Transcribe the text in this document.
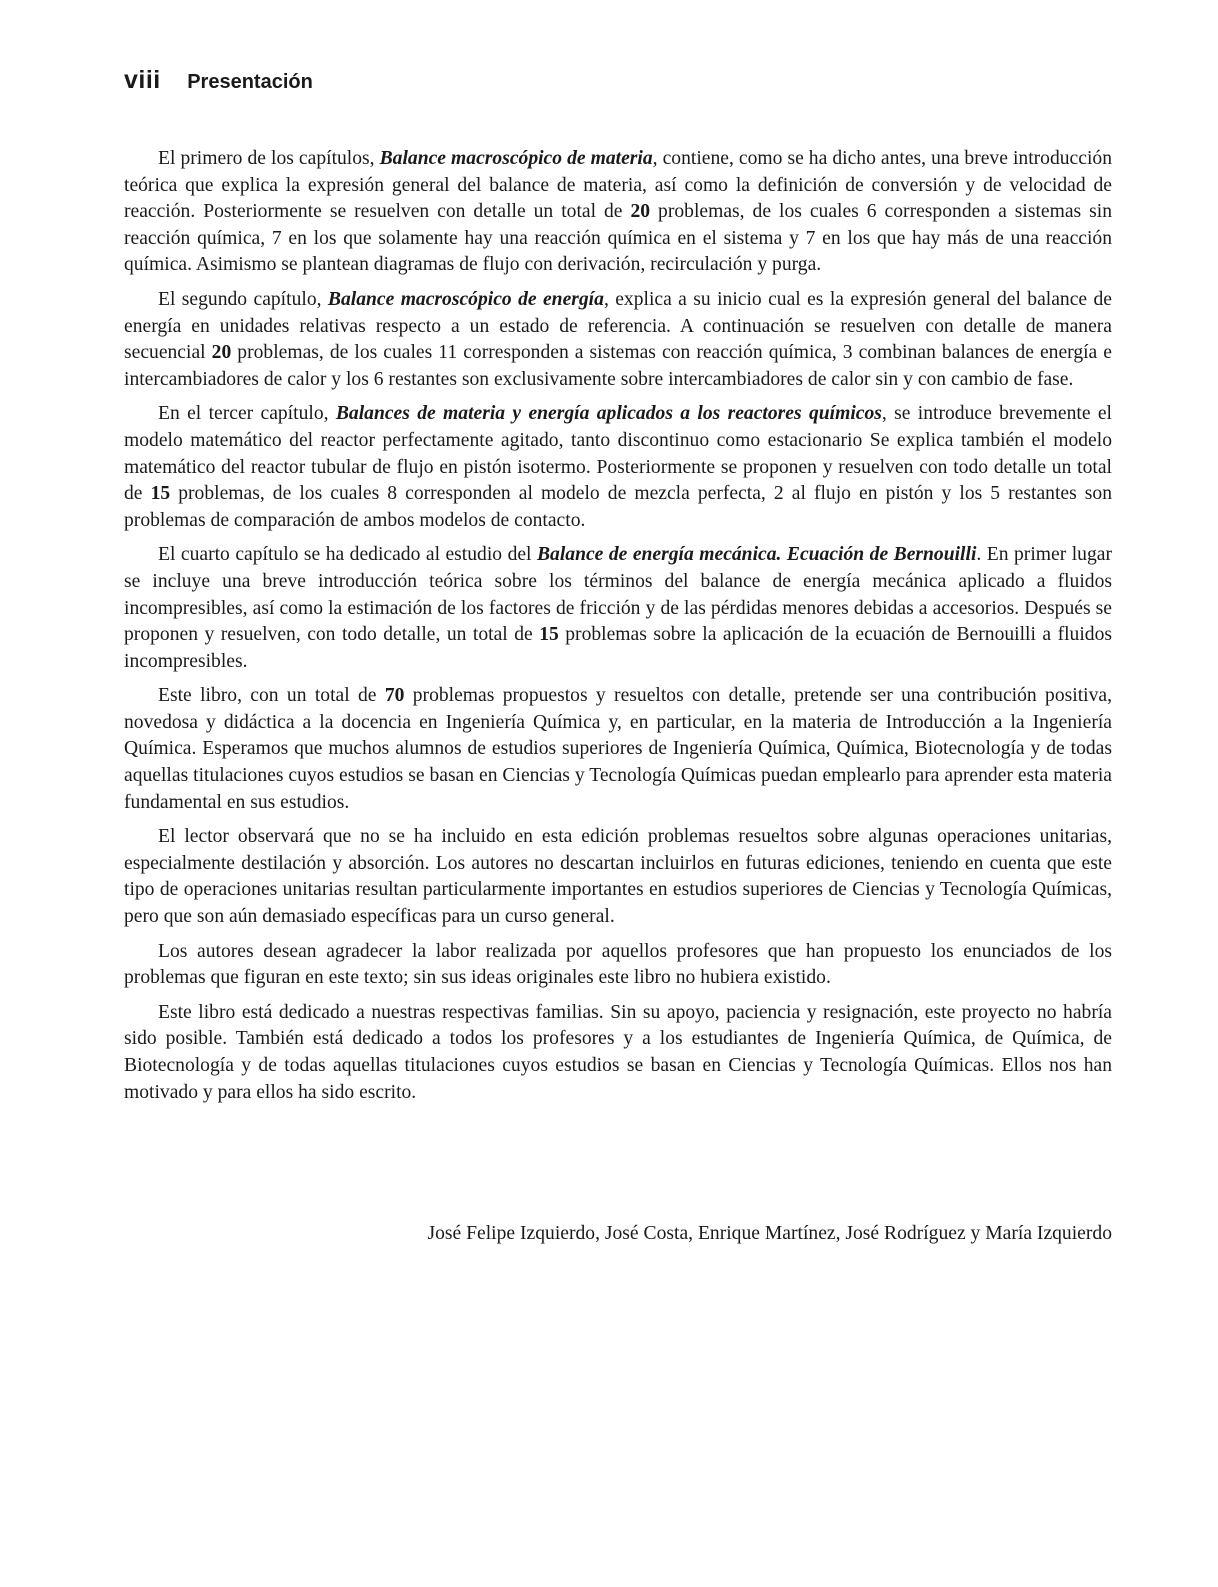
viii Presentación

El primero de los capítulos, Balance macroscópico de materia, contiene, como se ha dicho antes, una breve introducción teórica que explica la expresión general del balance de materia, así como la definición de conversión y de velocidad de reacción. Posteriormente se resuelven con detalle un total de 20 problemas, de los cuales 6 corresponden a sistemas sin reacción química, 7 en los que solamente hay una reacción química en el sistema y 7 en los que hay más de una reacción química. Asimismo se plantean diagramas de flujo con derivación, recirculación y purga.

El segundo capítulo, Balance macroscópico de energía, explica a su inicio cual es la expresión general del balance de energía en unidades relativas respecto a un estado de referencia. A continuación se resuelven con detalle de manera secuencial 20 problemas, de los cuales 11 corresponden a sistemas con reacción química, 3 combinan balances de energía e intercambiadores de calor y los 6 restantes son exclusivamente sobre intercambiadores de calor sin y con cambio de fase.

En el tercer capítulo, Balances de materia y energía aplicados a los reactores químicos, se introduce brevemente el modelo matemático del reactor perfectamente agitado, tanto discontinuo como estacionario Se explica también el modelo matemático del reactor tubular de flujo en pistón isotermo. Posteriormente se proponen y resuelven con todo detalle un total de 15 problemas, de los cuales 8 corresponden al modelo de mezcla perfecta, 2 al flujo en pistón y los 5 restantes son problemas de comparación de ambos modelos de contacto.

El cuarto capítulo se ha dedicado al estudio del Balance de energía mecánica. Ecuación de Bernouilli. En primer lugar se incluye una breve introducción teórica sobre los términos del balance de energía mecánica aplicado a fluidos incompresibles, así como la estimación de los factores de fricción y de las pérdidas menores debidas a accesorios. Después se proponen y resuelven, con todo detalle, un total de 15 problemas sobre la aplicación de la ecuación de Bernouilli a fluidos incompresibles.

Este libro, con un total de 70 problemas propuestos y resueltos con detalle, pretende ser una contribución positiva, novedosa y didáctica a la docencia en Ingeniería Química y, en particular, en la materia de Introducción a la Ingeniería Química. Esperamos que muchos alumnos de estudios superiores de Ingeniería Química, Química, Biotecnología y de todas aquellas titulaciones cuyos estudios se basan en Ciencias y Tecnología Químicas puedan emplearlo para aprender esta materia fundamental en sus estudios.

El lector observará que no se ha incluido en esta edición problemas resueltos sobre algunas operaciones unitarias, especialmente destilación y absorción. Los autores no descartan incluirlos en futuras ediciones, teniendo en cuenta que este tipo de operaciones unitarias resultan particularmente importantes en estudios superiores de Ciencias y Tecnología Químicas, pero que son aún demasiado específicas para un curso general.

Los autores desean agradecer la labor realizada por aquellos profesores que han propuesto los enunciados de los problemas que figuran en este texto; sin sus ideas originales este libro no hubiera existido.

Este libro está dedicado a nuestras respectivas familias. Sin su apoyo, paciencia y resignación, este proyecto no habría sido posible. También está dedicado a todos los profesores y a los estudiantes de Ingeniería Química, de Química, de Biotecnología y de todas aquellas titulaciones cuyos estudios se basan en Ciencias y Tecnología Químicas. Ellos nos han motivado y para ellos ha sido escrito.

José Felipe Izquierdo, José Costa, Enrique Martínez, José Rodríguez y María Izquierdo
